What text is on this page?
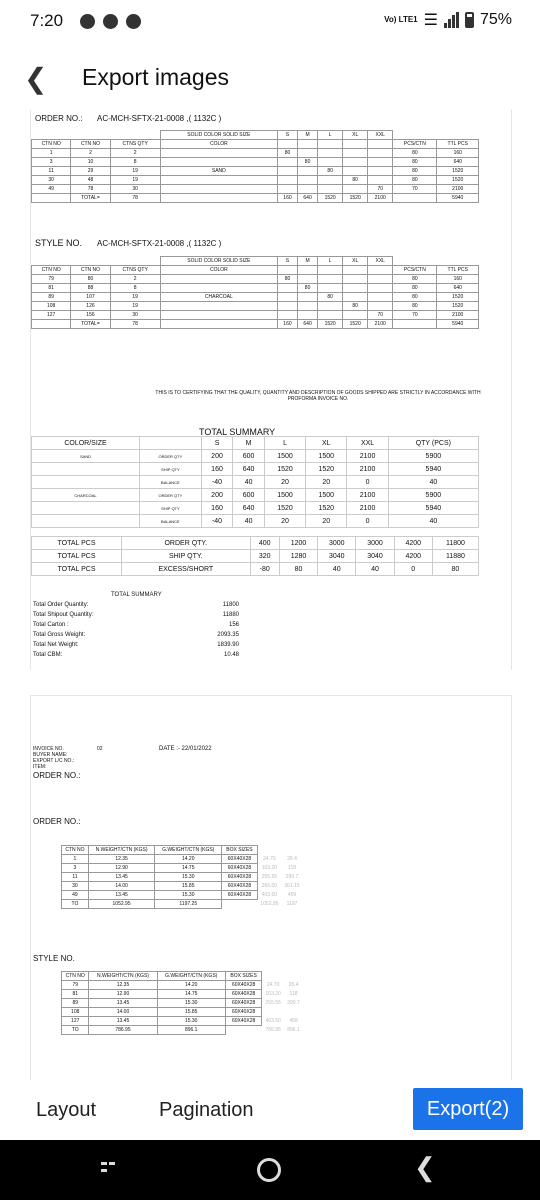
7:20	Vo) LTE1 ☰	75%
❮ Export images
ORDER NO.: AC-MCH-SFTX-21-0008 ,( 1132C )
			SOLID COLOR SOLID SIZE	S	M	L	XL	XXL		
CTN NO	CTN NO	CTNS QTY	COLOR						PCS/CTN	TTL PCS
1	2	2		80					80	160
3	10	8			80				80	640
11	29	19	SAND			80			80	1520
30	48	19					80		80	1520
49	78	30						70	70	2100
	TOTAL=	78		160	640	1520	1520	2100		5940
STYLE NO. AC-MCH-SFTX-21-0008 ,( 1132C )
			SOLID COLOR SOLID SIZE	S	M	L	XL	XXL		
CTN NO	CTN NO	CTNS QTY	COLOR						PCS/CTN	TTL PCS
79	80	2		80					80	160
81	88	8			80				80	640
89	107	19	CHARCOAL			80			80	1520
108	126	19					80		80	1520
127	156	30						70	70	2100
	TOTAL=	78		160	640	1520	1520	2100		5940
THIS IS TO CERTIFYING THAT THE QUALITY, QUANTITY AND DESCRIPTION OF GOODS SHIPPED ARE STRICTLY IN ACCORDANCE WITH PROFORMA INVOICE NO.
TOTAL SUMMARY
COLOR/SIZE		S	M	L	XL	XXL	QTY (PCS)
SAND	ORDER QTY	200	600	1500	1500	2100	5900
	SHIP QTY	160	640	1520	1520	2100	5940
	BALANCE	-40	40	20	20	0	40
CHARCOAL	ORDER QTY	200	600	1500	1500	2100	5900
	SHIP QTY	160	640	1520	1520	2100	5940
	BALANCE	-40	40	20	20	0	40
TOTAL PCS	ORDER QTY.	400	1200	3000	3000	4200	11800
TOTAL PCS	SHIP QTY.	320	1280	3040	3040	4200	11880
TOTAL PCS	EXCESS/SHORT	-80	80	40	40	0	80
TOTAL SUMMARY
Total Order Quantity:	11800
Total Shipout Quantity:	11880
Total Carton :	156
Total Gross Weight:	2093.35
Total Net Weight:	1839.90
Total CBM:	10.48
INVOICE NO.
BUYER NAME:
EXPORT L/C NO.:
ITEM:
02	DATE :- 22/01/2022
ORDER NO.:
ORDER NO.:
CTN NO	N.WEIGHT/CTN (KGS)	G.WEIGHT/CTN (KGS)	BOX SIZES		
1	12.35	14.20	60X40X28	24.70	28.4
3	12.90	14.75	60X40X28	103.20	118
11	13.45	15.30	60X40X28	255.55	290.7
30	14.00	15.85	60X40X28	266.00	301.15
49	13.45	15.30	60X40X28	403.50	459
TO	1052.95	1197.25		1052.95	1197
STYLE NO.
CTN NO	N.WEIGHT/CTN (KGS)	G.WEIGHT/CTN (KGS)	BOX SIZES		
79	12.35	14.20	60X40X28	24.70	28.4
81	12.90	14.75	60X40X28	103.20	118
89	13.45	15.30	60X40X28	255.55	290.7
108	14.00	15.85	60X40X28		
127	13.45	15.30	60X40X28	403.50	459
TO	786.95	896.1		786.95	896.1
Layout	Pagination	Export(2)
❮
